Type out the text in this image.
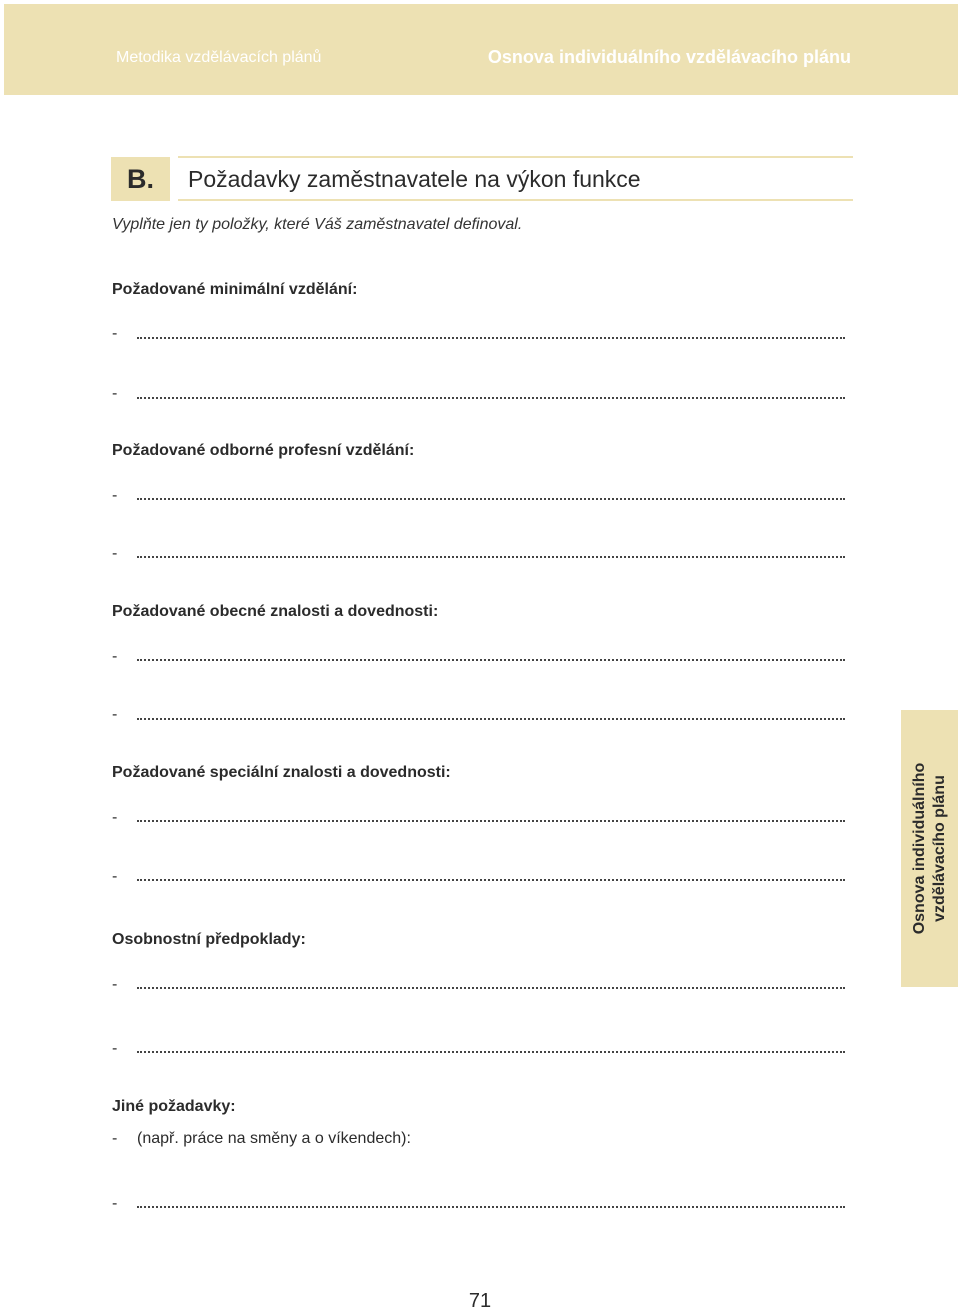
Metodika vzdělávacích plánů	Osnova individuálního vzdělávacího plánu
B.	Požadavky zaměstnavatele na výkon funkce
Vyplňte jen ty položky, které Váš zaměstnavatel definoval.
Požadované minimální vzdělání:
-
-
Požadované odborné profesní vzdělání:
-
-
Požadované obecné znalosti a dovednosti:
-
-
Požadované speciální znalosti a dovednosti:
-
-
Osobnostní předpoklady:
-
-
Jiné požadavky:
- (např. práce na směny a o víkendech):
-
Osnova individuálního vzdělávacího plánu
71
